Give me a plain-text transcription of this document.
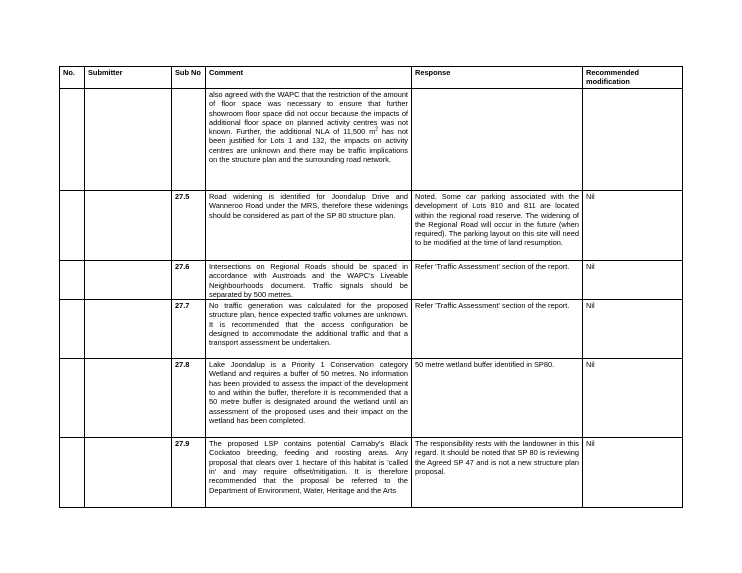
No.	Submitter	Sub No	Comment	Response	Recommended modification
			also agreed with the WAPC that the restriction of the amount of floor space was necessary to ensure that further showroom floor space did not occur because the impacts of additional floor space on planned activity centres was not known. Further, the additional NLA of 11,500 $m^2$ has not been justified for Lots 1 and 132, the impacts on activity centres are unknown and there may be traffic implications on the structure plan and the surrounding road network.		
		27.5	Road widening is identified for Joondalup Drive and Wanneroo Road under the MRS, therefore these widenings should be considered as part of the SP 80 structure plan.	Noted. Some car parking associated with the development of Lots 810 and 811 are located within the regional road reserve. The widening of the Regional Road will occur in the future (when required). The parking layout on this site will need to be modified at the time of land resumption.	Nil
		27.6	Intersections on Regional Roads should be spaced in accordance with Austroads and the WAPC's Liveable Neighbourhoods document. Traffic signals should be separated by 500 metres.	Refer 'Traffic Assessment' section of the report.	Nil
		27.7	No traffic generation was calculated for the proposed structure plan, hence expected traffic volumes are unknown. It is recommended that the access configuration be designed to accommodate the additional traffic and that a transport assessment be undertaken.	Refer 'Traffic Assessment' section of the report.	Nil
		27.8	Lake Joondalup is a Priority 1 Conservation category Wetland and requires a buffer of 50 metres. No information has been provided to assess the impact of the development to and within the buffer, therefore it is recommended that a 50 metre buffer is designated around the wetland until an assessment of the proposed uses and their impact on the wetland has been completed.	50 metre wetland buffer identified in SP80.	Nil
		27.9	The proposed LSP contains potential Carnaby's Black Cockatoo breeding, feeding and roosting areas. Any proposal that clears over 1 hectare of this habitat is 'called in' and may require offset/mitigation. It is therefore recommended that the proposal be referred to the Department of Environment, Water, Heritage and the Arts	The responsibility rests with the landowner in this regard. It should be noted that SP 80 is reviewing the Agreed SP 47 and is not a new structure plan proposal.	Nil
